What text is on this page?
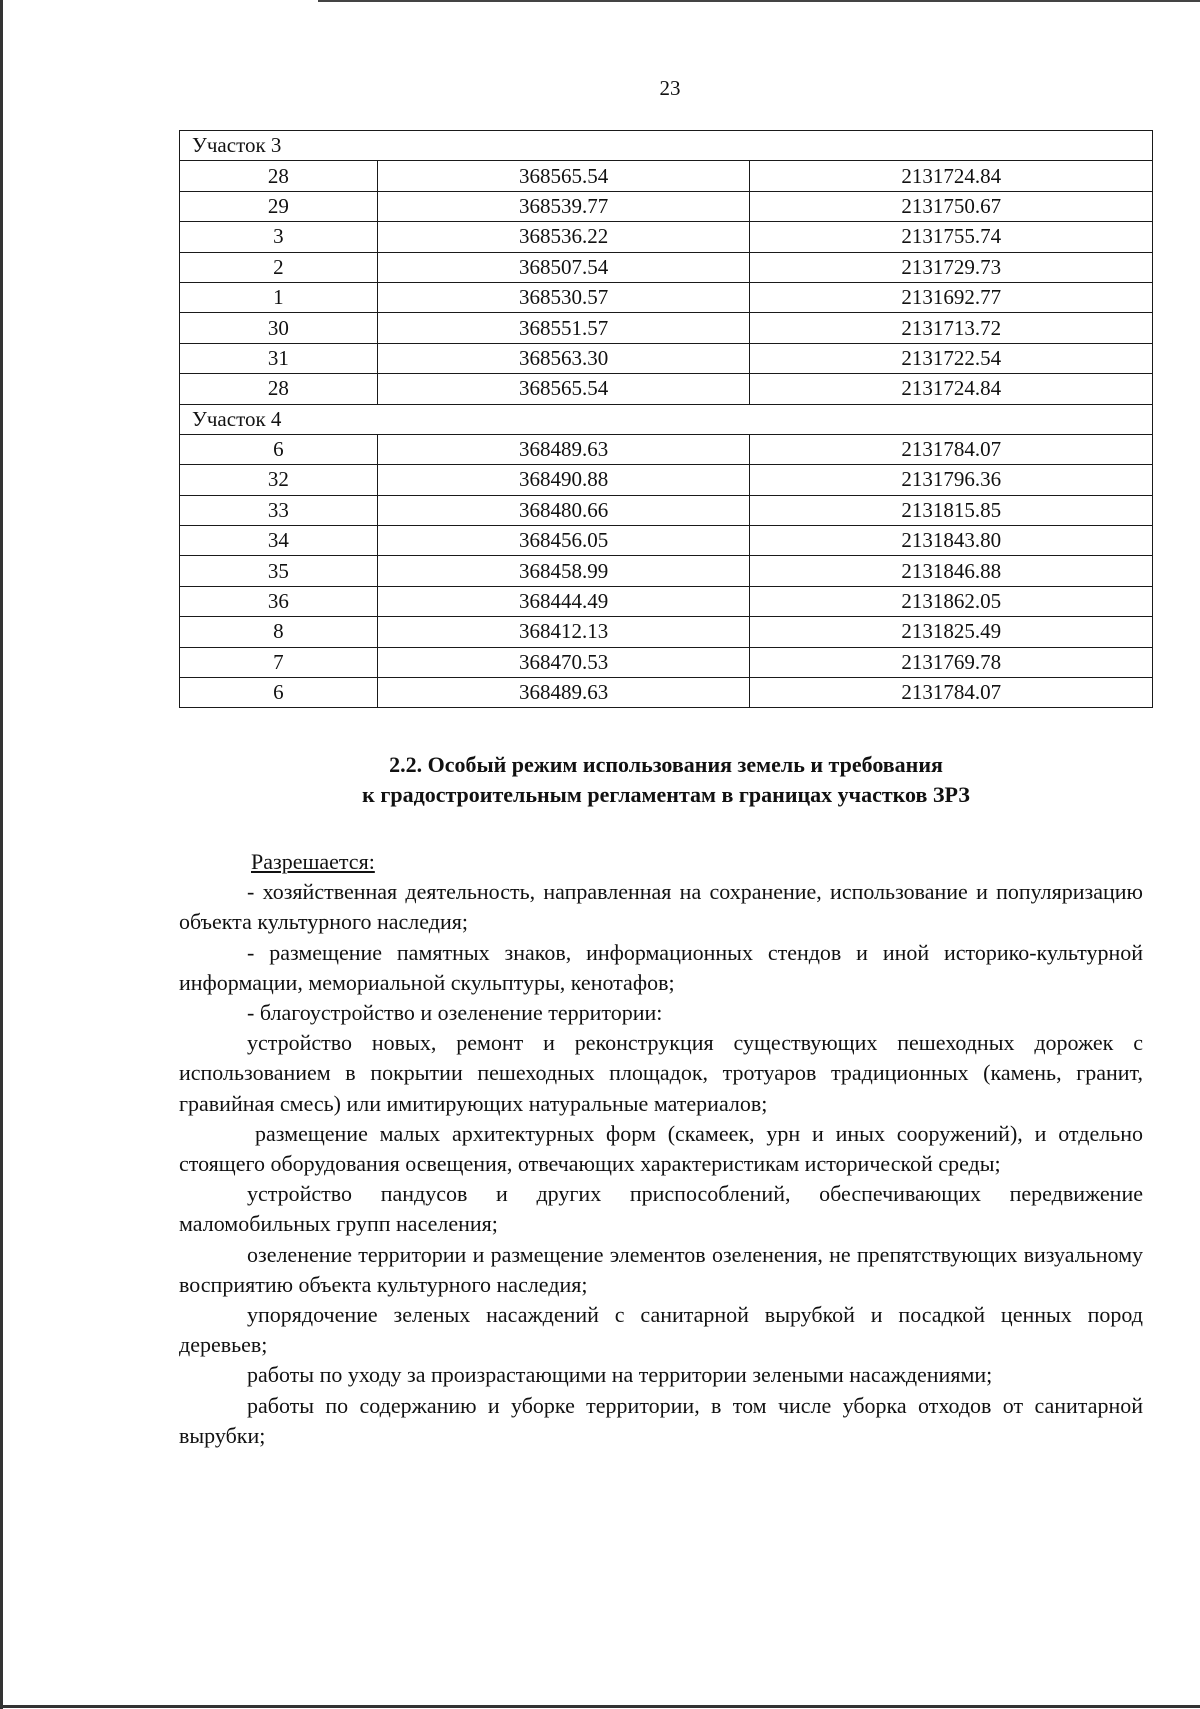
23
Участок 3		
28	368565.54	2131724.84
29	368539.77	2131750.67
3	368536.22	2131755.74
2	368507.54	2131729.73
1	368530.57	2131692.77
30	368551.57	2131713.72
31	368563.30	2131722.54
28	368565.54	2131724.84
Участок 4		
6	368489.63	2131784.07
32	368490.88	2131796.36
33	368480.66	2131815.85
34	368456.05	2131843.80
35	368458.99	2131846.88
36	368444.49	2131862.05
8	368412.13	2131825.49
7	368470.53	2131769.78
6	368489.63	2131784.07
2.2. Особый режим использования земель и требования
к градостроительным регламентам в границах участков ЗРЗ
Разрешается:
- хозяйственная деятельность, направленная на сохранение, использование и популяризацию объекта культурного наследия;
- размещение памятных знаков, информационных стендов и иной историко-культурной информации, мемориальной скульптуры, кенотафов;
- благоустройство и озеленение территории:
устройство новых, ремонт и реконструкция существующих пешеходных дорожек с использованием в покрытии пешеходных площадок, тротуаров традиционных (камень, гранит, гравийная смесь) или имитирующих натуральные материалов;
размещение малых архитектурных форм (скамеек, урн и иных сооружений), и отдельно стоящего оборудования освещения, отвечающих характеристикам исторической среды;
устройство пандусов и других приспособлений, обеспечивающих передвижение маломобильных групп населения;
озеленение территории и размещение элементов озеленения, не препятствующих визуальному восприятию объекта культурного наследия;
упорядочение зеленых насаждений с санитарной вырубкой и посадкой ценных пород деревьев;
работы по уходу за произрастающими на территории зелеными насаждениями;
работы по содержанию и уборке территории, в том числе уборка отходов от санитарной вырубки;
